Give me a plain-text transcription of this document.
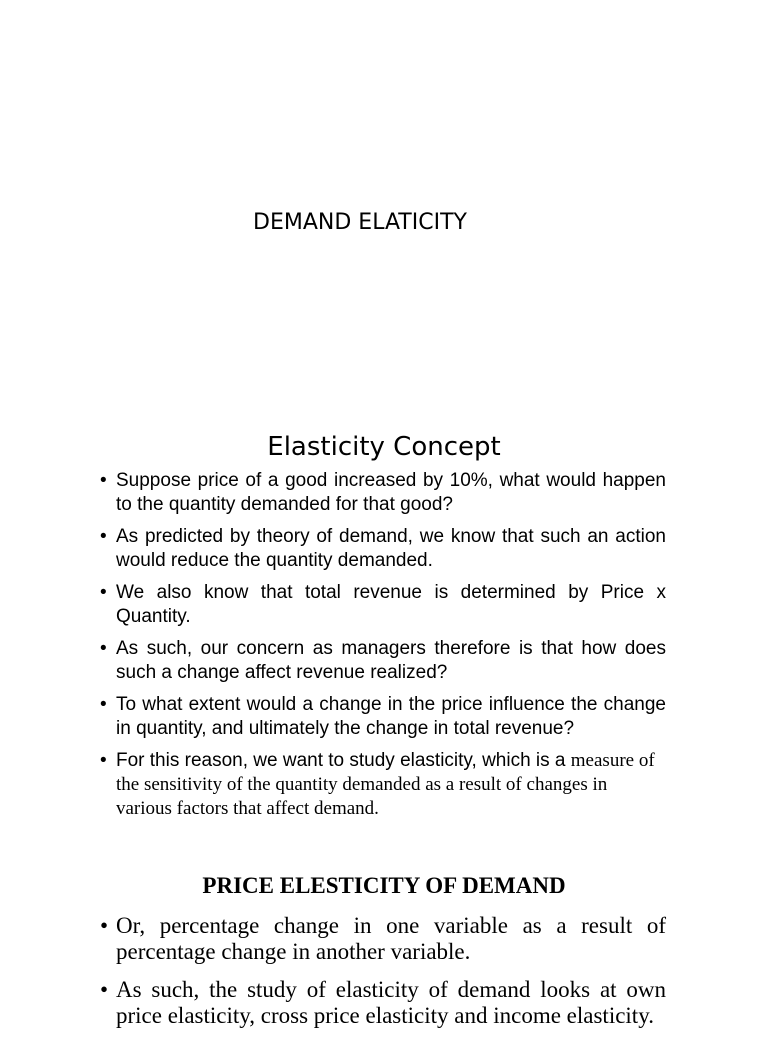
DEMAND ELATICITY
Elasticity Concept
• Suppose price of a good increased by 10%, what would happen to the quantity demanded for that good?
• As predicted by theory of demand, we know that such an action would reduce the quantity demanded.
• We also know that total revenue is determined by Price x Quantity.
• As such, our concern as managers therefore is that how does such a change affect revenue realized?
• To what extent would a change in the price influence the change in quantity, and ultimately the change in total revenue?
• For this reason, we want to study elasticity, which is a measure of the sensitivity of the quantity demanded as a result of changes in various factors that affect demand.
PRICE ELESTICITY OF DEMAND
• Or, percentage change in one variable as a result of percentage change in another variable.
• As such, the study of elasticity of demand looks at own price elasticity, cross price elasticity and income elasticity.
